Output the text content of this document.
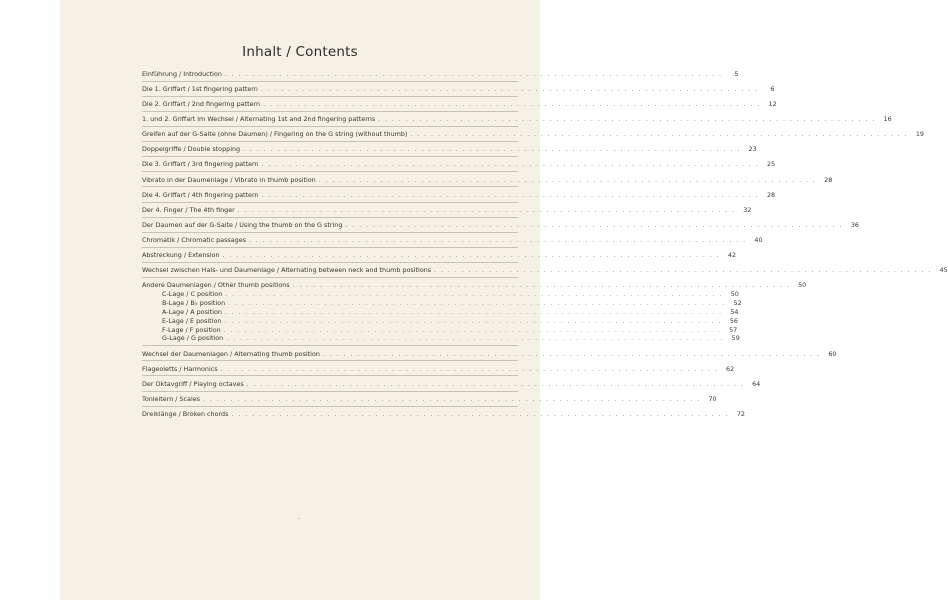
Inhalt / Contents
Einführung / Introduction . . . . . . . . . . . . . . . . . . . . . . . . . . . . . . . . . . . . . . . . . . . . . . . . . . . . . . . . . . . . . . . . . . . . . . . . .	5
Die 1. Griffart / 1st fingering pattern . . . . . . . . . . . . . . . . . . . . . . . . . . . . . . . . . . . . . . . . . . . . . . . . . . . . . . . . . . . . . . . . . . . . . . . . .	6
Die 2. Griffart / 2nd fingering pattern . . . . . . . . . . . . . . . . . . . . . . . . . . . . . . . . . . . . . . . . . . . . . . . . . . . . . . . . . . . . . . . . . . . . . . . . .	12
1. und 2. Griffart im Wechsel / Alternating 1st and 2nd fingering patterns . . . . . . . . . . . . . . . . . . . . . . . . . . . . . . . . . . . . . . . . . . . . . . . . . . . . . . . . . . . . . . . . . . . . . . . . .	16
Greifen auf der G-Saite (ohne Daumen) / Fingering on the G string (without thumb) . . . . . . . . . . . . . . . . . . . . . . . . . . . . . . . . . . . . . . . . . . . . . . . . . . . . . . . . . . . . . . . . . . . . . . . . .	19
Doppelgriffe / Double stopping . . . . . . . . . . . . . . . . . . . . . . . . . . . . . . . . . . . . . . . . . . . . . . . . . . . . . . . . . . . . . . . . . . . . . . . . .	23
Die 3. Griffart / 3rd fingering pattern . . . . . . . . . . . . . . . . . . . . . . . . . . . . . . . . . . . . . . . . . . . . . . . . . . . . . . . . . . . . . . . . . . . . . . . . .	25
Vibrato in der Daumenlage / Vibrato in thumb position . . . . . . . . . . . . . . . . . . . . . . . . . . . . . . . . . . . . . . . . . . . . . . . . . . . . . . . . . . . . . . . . . . . . . . . . .	28
Die 4. Griffart / 4th fingering pattern . . . . . . . . . . . . . . . . . . . . . . . . . . . . . . . . . . . . . . . . . . . . . . . . . . . . . . . . . . . . . . . . . . . . . . . . .	28
Der 4. Finger / The 4th finger . . . . . . . . . . . . . . . . . . . . . . . . . . . . . . . . . . . . . . . . . . . . . . . . . . . . . . . . . . . . . . . . . . . . . . . . .	32
Der Daumen auf der G-Saite / Using the thumb on the G string . . . . . . . . . . . . . . . . . . . . . . . . . . . . . . . . . . . . . . . . . . . . . . . . . . . . . . . . . . . . . . . . . . . . . . . . .	36
Chromatik / Chromatic passages . . . . . . . . . . . . . . . . . . . . . . . . . . . . . . . . . . . . . . . . . . . . . . . . . . . . . . . . . . . . . . . . . . . . . . . . .	40
Abstreckung / Extension . . . . . . . . . . . . . . . . . . . . . . . . . . . . . . . . . . . . . . . . . . . . . . . . . . . . . . . . . . . . . . . . . . . . . . . . .	42
Wechsel zwischen Hals- und Daumenlage / Alternating between neck and thumb positions . . . . . . . . . . . . . . . . . . . . . . . . . . . . . . . . . . . . . . . . . . . . . . . . . . . . . . . . . . . . . . . . . . . . . . . . .	45
Andere Daumenlagen / Other thumb positions . . . . . . . . . . . . . . . . . . . . . . . . . . . . . . . . . . . . . . . . . . . . . . . . . . . . . . . . . . . . . . . . . . . . . . . . .	50
C-Lage / C position . . . . . . . . . . . . . . . . . . . . . . . . . . . . . . . . . . . . . . . . . . . . . . . . . . . . . . . . . . . . . . . . . . . . . . . . .	50
B-Lage / B♭ position . . . . . . . . . . . . . . . . . . . . . . . . . . . . . . . . . . . . . . . . . . . . . . . . . . . . . . . . . . . . . . . . . . . . . . . . .	52
A-Lage / A position . . . . . . . . . . . . . . . . . . . . . . . . . . . . . . . . . . . . . . . . . . . . . . . . . . . . . . . . . . . . . . . . . . . . . . . . .	54
E-Lage / E position . . . . . . . . . . . . . . . . . . . . . . . . . . . . . . . . . . . . . . . . . . . . . . . . . . . . . . . . . . . . . . . . . . . . . . . . .	56
F-Lage / F position . . . . . . . . . . . . . . . . . . . . . . . . . . . . . . . . . . . . . . . . . . . . . . . . . . . . . . . . . . . . . . . . . . . . . . . . .	57
G-Lage / G position . . . . . . . . . . . . . . . . . . . . . . . . . . . . . . . . . . . . . . . . . . . . . . . . . . . . . . . . . . . . . . . . . . . . . . . . .	59
Wechsel der Daumenlagen / Alternating thumb position . . . . . . . . . . . . . . . . . . . . . . . . . . . . . . . . . . . . . . . . . . . . . . . . . . . . . . . . . . . . . . . . . . . . . . . . .	60
Flageoletts / Harmonics . . . . . . . . . . . . . . . . . . . . . . . . . . . . . . . . . . . . . . . . . . . . . . . . . . . . . . . . . . . . . . . . . . . . . . . . .	62
Der Oktavgriff / Playing octaves . . . . . . . . . . . . . . . . . . . . . . . . . . . . . . . . . . . . . . . . . . . . . . . . . . . . . . . . . . . . . . . . . . . . . . . . .	64
Tonleitern / Scales . . . . . . . . . . . . . . . . . . . . . . . . . . . . . . . . . . . . . . . . . . . . . . . . . . . . . . . . . . . . . . . . . . . . . . . . .	70
Dreiklänge / Broken chords . . . . . . . . . . . . . . . . . . . . . . . . . . . . . . . . . . . . . . . . . . . . . . . . . . . . . . . . . . . . . . . . . . . . . . . . .	72
